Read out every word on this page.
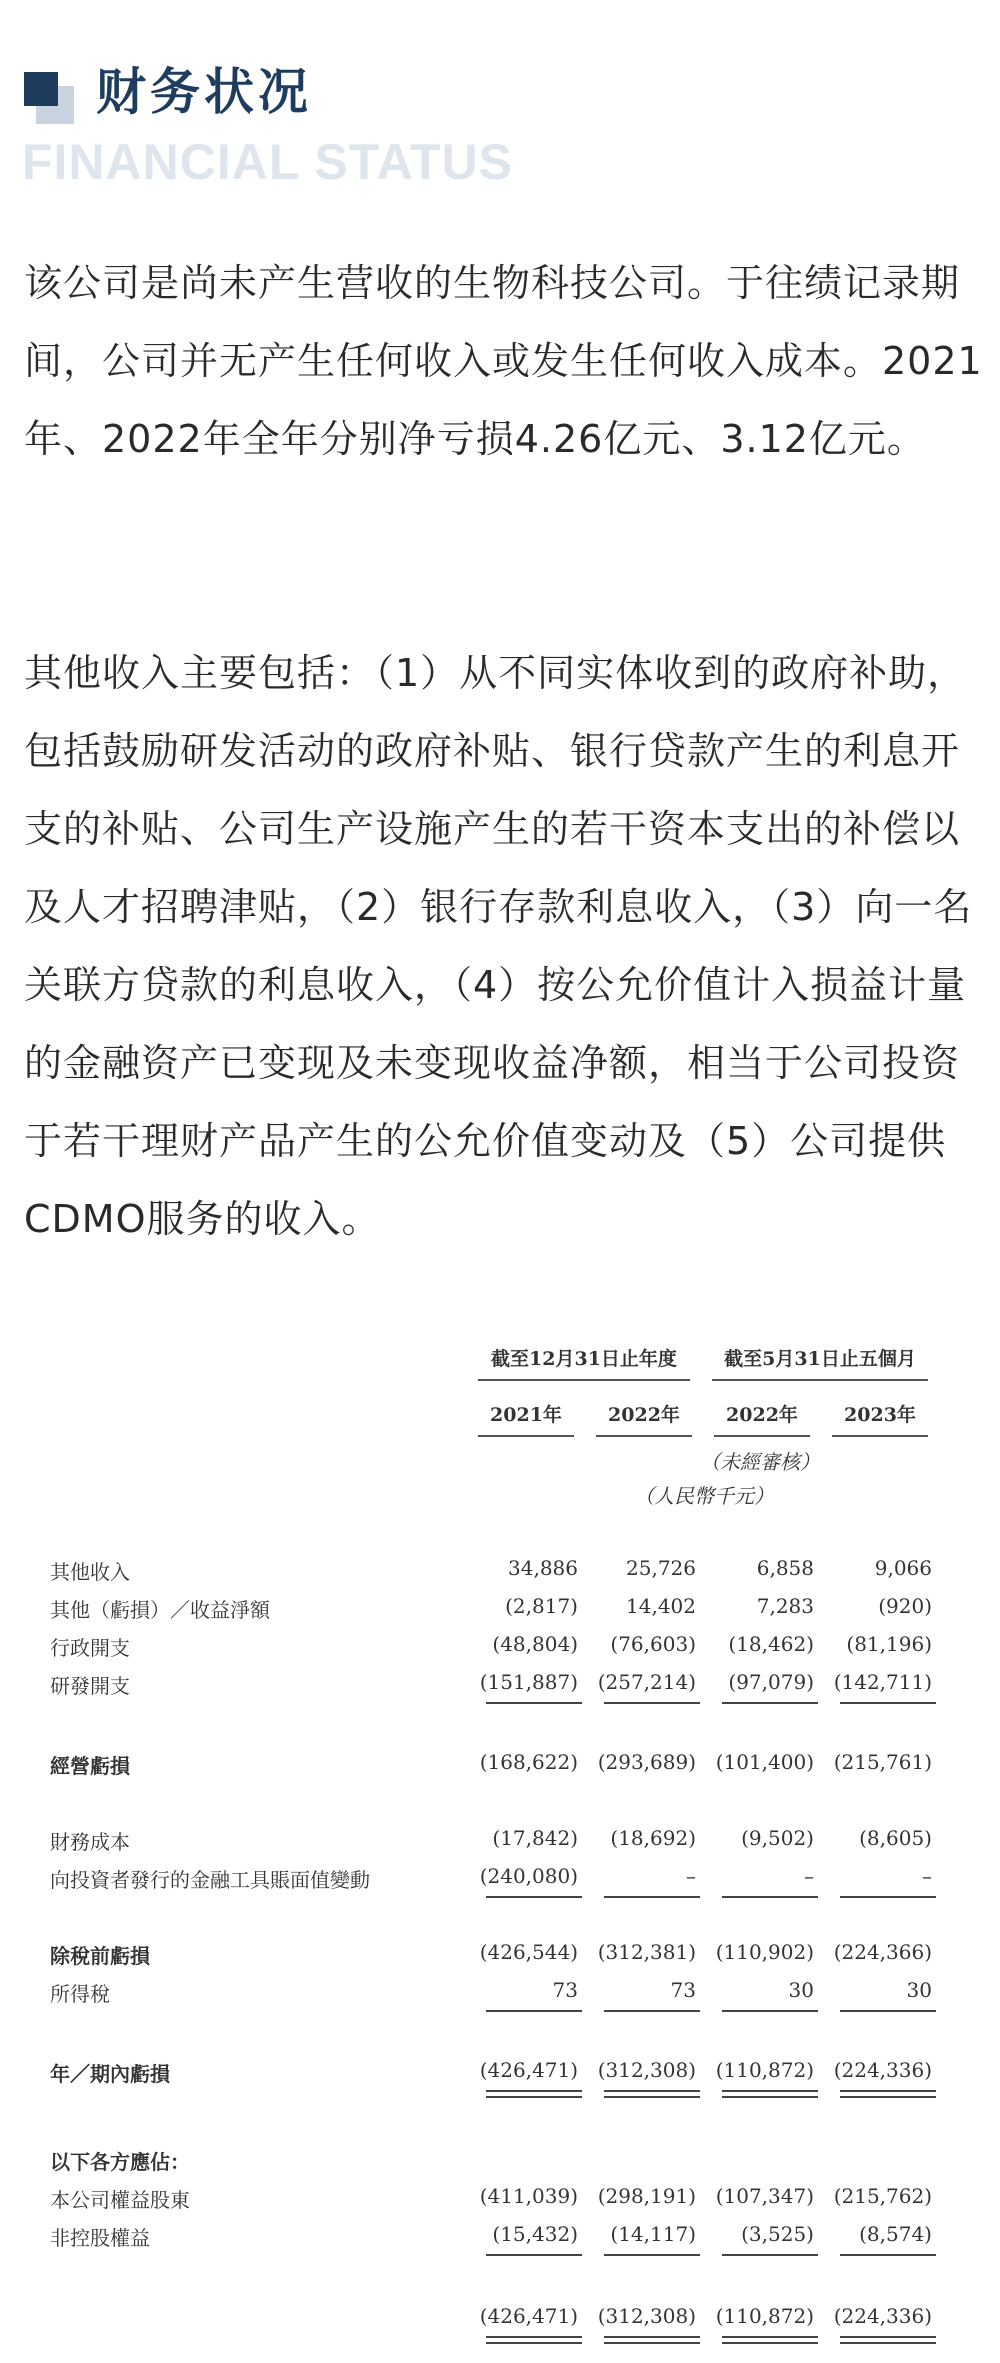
财务状况
FINANCIAL STATUS

该公司是尚未产生营收的生物科技公司。于往绩记录期间，公司并无产生任何收入或发生任何收入成本。2021年、2022年全年分别净亏损4.26亿元、3.12亿元。

其他收入主要包括：（1）从不同实体收到的政府补助，包括鼓励研发活动的政府补贴、银行贷款产生的利息开支的补贴、公司生产设施产生的若干资本支出的补偿以及人才招聘津贴，（2）银行存款利息收入，（3）向一名关联方贷款的利息收入，（4）按公允价值计入损益计量的金融资产已变现及未变现收益净额，相当于公司投资于若干理财产品产生的公允价值变动及（5）公司提供CDMO服务的收入。

截至12月31日止年度	截至5月31日止五個月
2021年	2022年	2022年	2023年
（未經審核）
（人民幣千元）
其他收入	34,886	25,726	6,858	9,066
其他（虧損）／收益淨額	(2,817)	14,402	7,283	(920)
行政開支	(48,804)	(76,603)	(18,462)	(81,196)
研發開支	(151,887) (257,214)	(97,079) (142,711)
經營虧損	(168,622) (293,689) (101,400) (215,761)
財務成本	(17,842)	(18,692)	(9,502)	(8,605)
向投資者發行的金融工具賬面值變動	(240,080)	–	–	–
除稅前虧損	(426,544) (312,381) (110,902) (224,366)
所得稅	73	73	30	30
年／期內虧損	(426,471) (312,308) (110,872) (224,336)
以下各方應佔：
本公司權益股東	(411,039) (298,191) (107,347) (215,762)
非控股權益	(15,432)	(14,117)	(3,525)	(8,574)
(426,471) (312,308) (110,872) (224,336)
